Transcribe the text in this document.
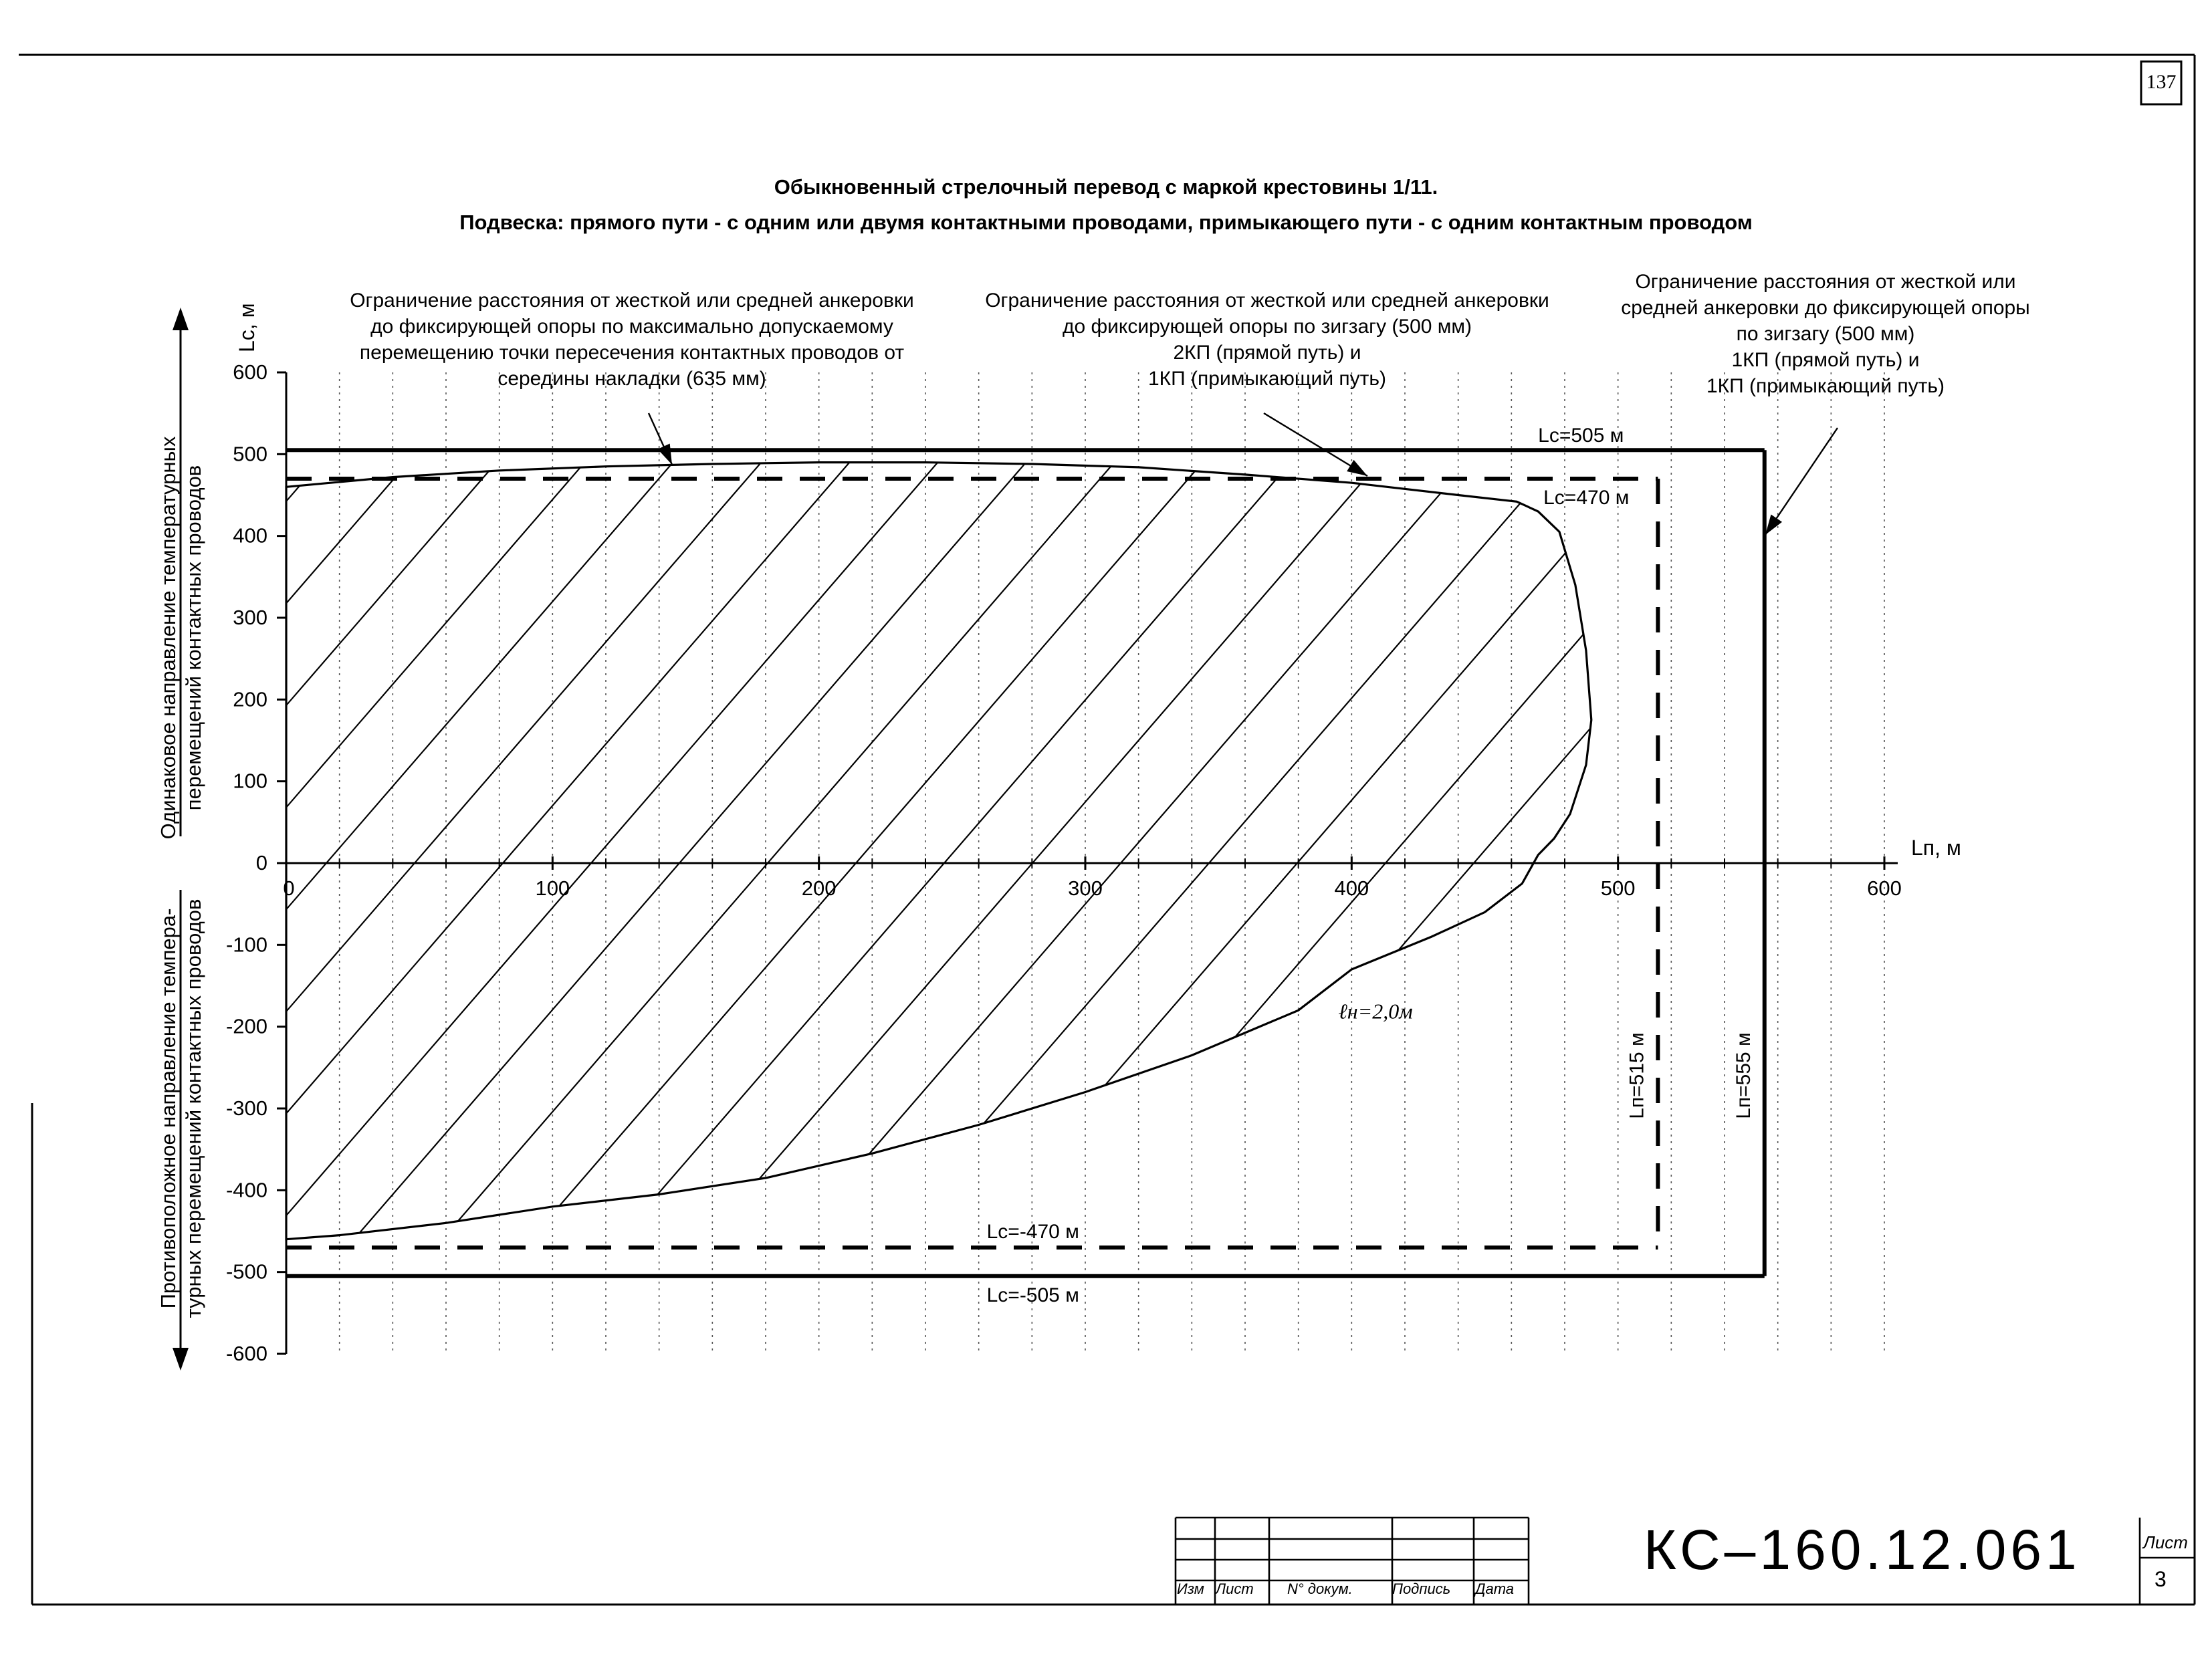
Lc=505 м
Lc=470 м
Lc=-470 м
Lc=-505 м
Lп=515 м	Lп=555 м
600
500
400
300
200
100
0
-100
-200
-300
-400
-500
-600
0	100	200	300	400	500	600
Lп, м
Lc, м
Одинаковое направление температурных перемещений контактных проводов
Противоположное направление темпера- турных перемещений контактных проводов	ℓн=2,0м
137
Обыкновенный стрелочный перевод с маркой крестовины 1/11.
Подвеска: прямого пути - с одним или двумя контактными проводами, примыкающего пути - с одним контактным проводом
Ограничение расстояния от жесткой или средней анкеровки
до фиксирующей опоры по максимально допускаемому
перемещению точки пересечения контактных проводов от
середины накладки (635 мм)
Ограничение расстояния от жесткой или средней анкеровки
до фиксирующей опоры по зигзагу (500 мм)
2КП (прямой путь) и
1КП (примыкающий путь)
Ограничение расстояния от жесткой или
средней анкеровки до фиксирующей опоры
по зигзагу (500 мм)
1КП (прямой путь) и
1КП (примыкающий путь)
Изм Лист N° докум.	Подпись Дата
КС–160.12.061	Лист
3
